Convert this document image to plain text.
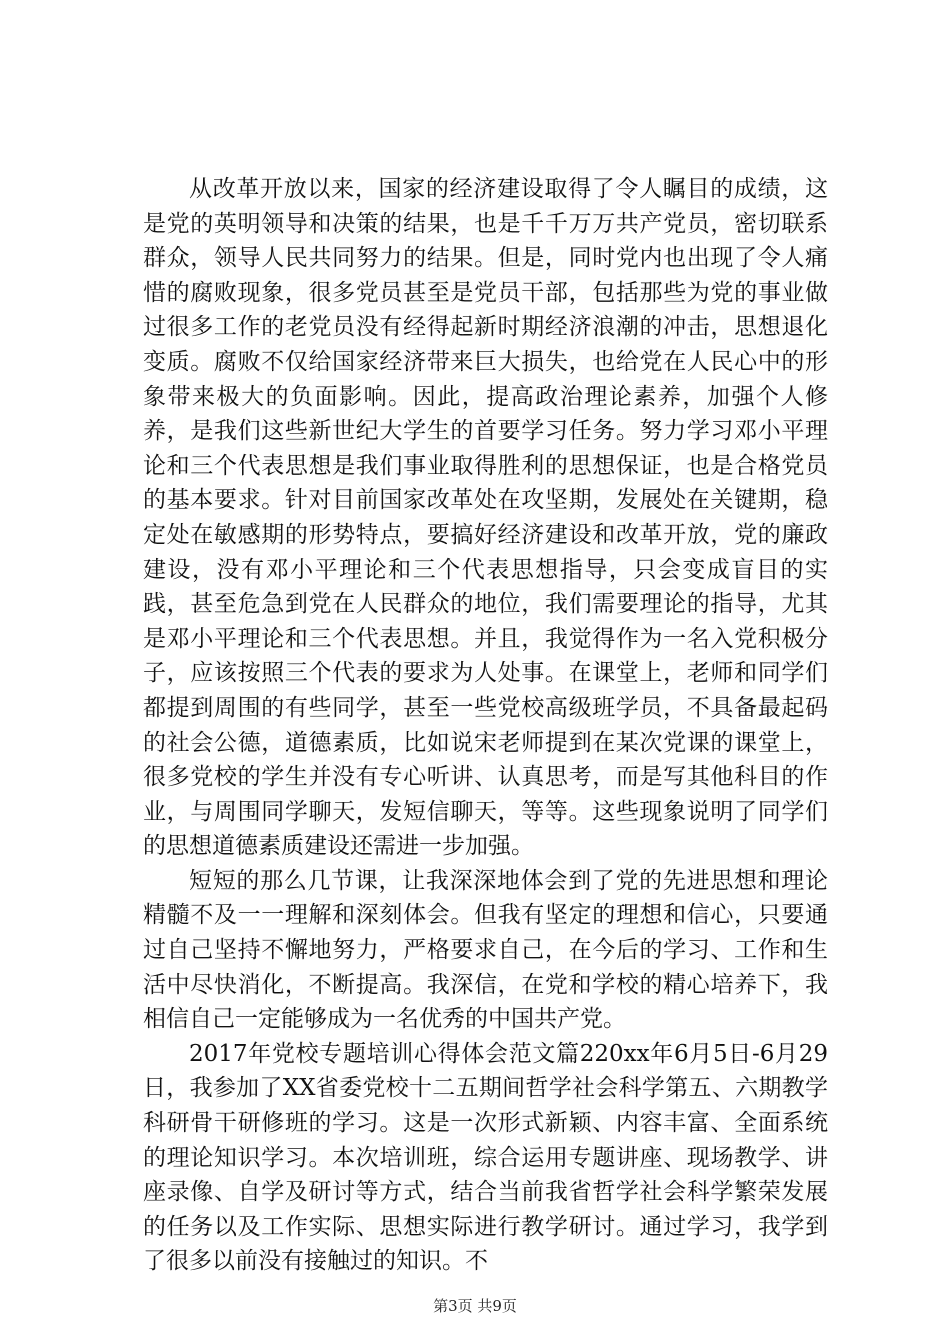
从改革开放以来，国家的经济建设取得了令人瞩目的成绩，这是党的英明领导和决策的结果，也是千千万万共产党员，密切联系群众，领导人民共同努力的结果。但是，同时党内也出现了令人痛惜的腐败现象，很多党员甚至是党员干部，包括那些为党的事业做过很多工作的老党员没有经得起新时期经济浪潮的冲击，思想退化变质。腐败不仅给国家经济带来巨大损失，也给党在人民心中的形象带来极大的负面影响。因此，提高政治理论素养，加强个人修养，是我们这些新世纪大学生的首要学习任务。努力学习邓小平理论和三个代表思想是我们事业取得胜利的思想保证，也是合格党员的基本要求。针对目前国家改革处在攻坚期，发展处在关键期，稳定处在敏感期的形势特点，要搞好经济建设和改革开放，党的廉政建设，没有邓小平理论和三个代表思想指导，只会变成盲目的实践，甚至危急到党在人民群众的地位，我们需要理论的指导，尤其是邓小平理论和三个代表思想。并且，我觉得作为一名入党积极分子，应该按照三个代表的要求为人处事。在课堂上，老师和同学们都提到周围的有些同学，甚至一些党校高级班学员，不具备最起码的社会公德，道德素质，比如说宋老师提到在某次党课的课堂上，很多党校的学生并没有专心听讲、认真思考，而是写其他科目的作业，与周围同学聊天，发短信聊天，等等。这些现象说明了同学们的思想道德素质建设还需进一步加强。

短短的那么几节课，让我深深地体会到了党的先进思想和理论精髓不及一一理解和深刻体会。但我有坚定的理想和信心，只要通过自己坚持不懈地努力，严格要求自己，在今后的学习、工作和生活中尽快消化，不断提高。我深信，在党和学校的精心培养下，我相信自己一定能够成为一名优秀的中国共产党。

2017年党校专题培训心得体会范文篇220xx年6月5日-6月29日，我参加了XX省委党校十二五期间哲学社会科学第五、六期教学科研骨干研修班的学习。这是一次形式新颖、内容丰富、全面系统的理论知识学习。本次培训班，综合运用专题讲座、现场教学、讲座录像、自学及研讨等方式，结合当前我省哲学社会科学繁荣发展的任务以及工作实际、思想实际进行教学研讨。通过学习，我学到了很多以前没有接触过的知识。不

第3页 共9页
